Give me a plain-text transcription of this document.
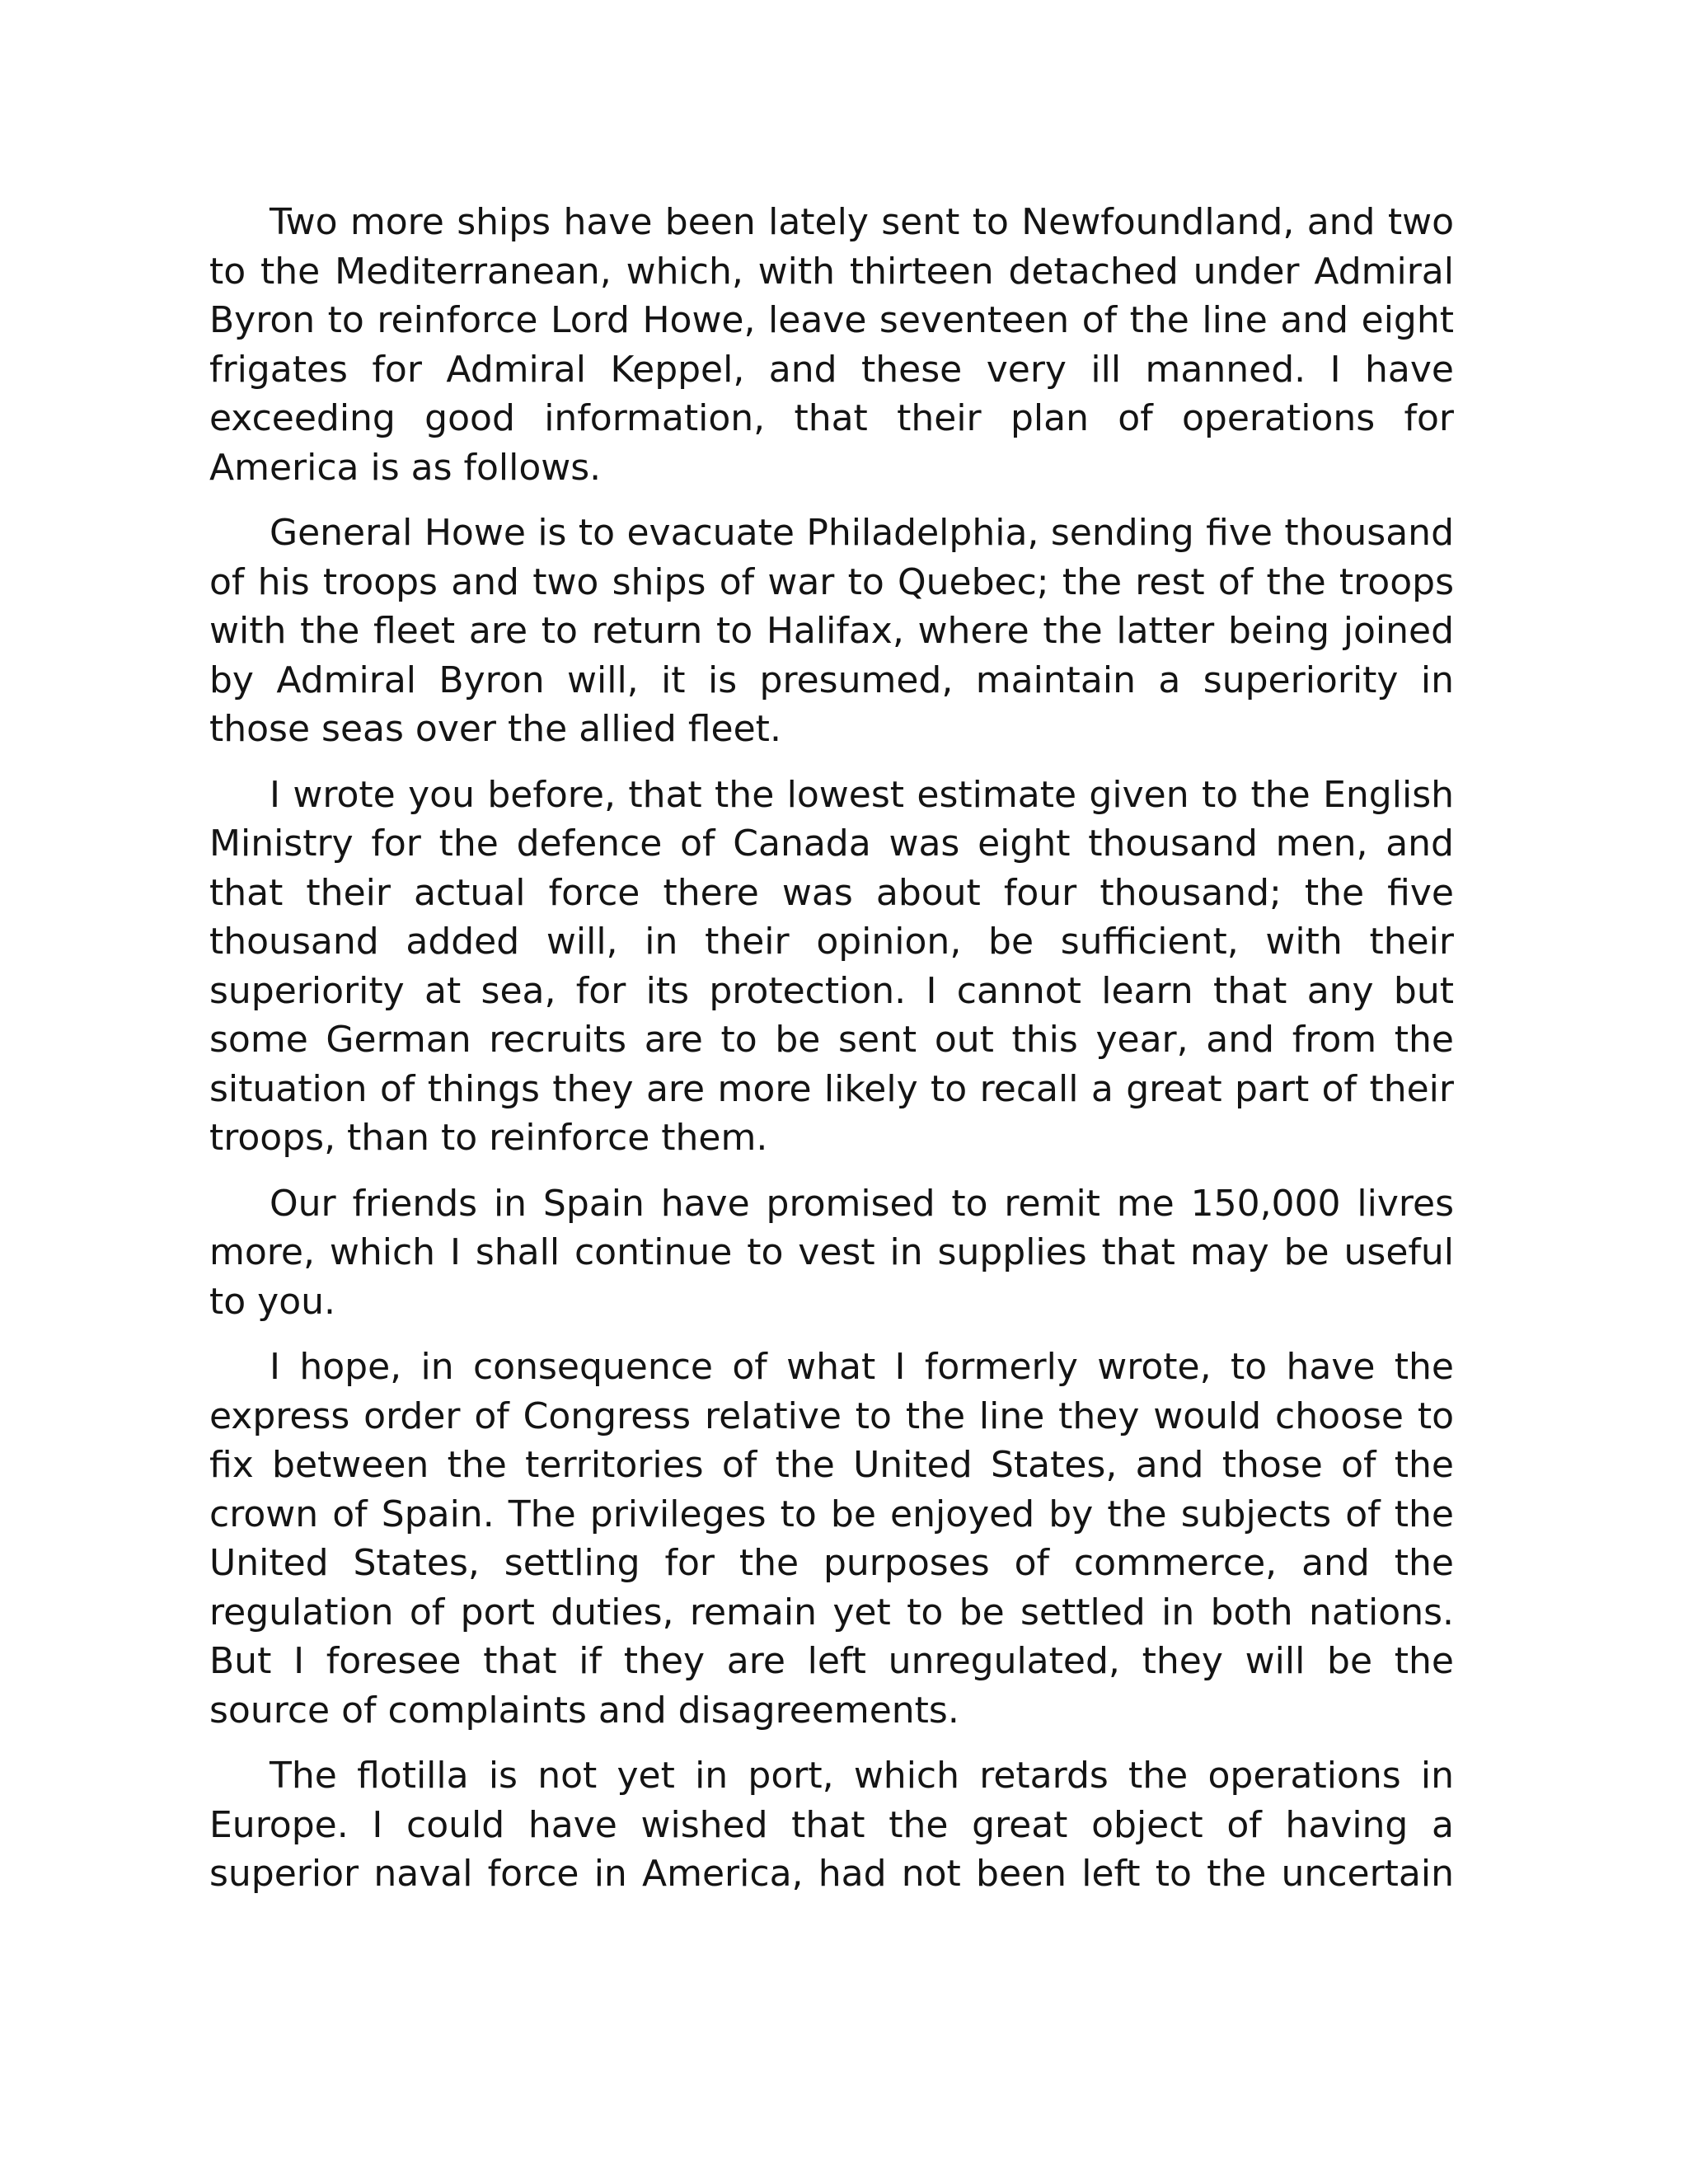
Two more ships have been lately sent to Newfoundland, and two to the Mediterranean, which, with thirteen detached under Admiral Byron to reinforce Lord Howe, leave seventeen of the line and eight frigates for Admiral Keppel, and these very ill manned. I have exceeding good information, that their plan of operations for America is as follows.

General Howe is to evacuate Philadelphia, sending five thousand of his troops and two ships of war to Quebec; the rest of the troops with the fleet are to return to Halifax, where the latter being joined by Admiral Byron will, it is presumed, maintain a superiority in those seas over the allied fleet.

I wrote you before, that the lowest estimate given to the English Ministry for the defence of Canada was eight thousand men, and that their actual force there was about four thousand; the five thousand added will, in their opinion, be sufficient, with their superiority at sea, for its protection. I cannot learn that any but some German recruits are to be sent out this year, and from the situation of things they are more likely to recall a great part of their troops, than to reinforce them.

Our friends in Spain have promised to remit me 150,000 livres more, which I shall continue to vest in supplies that may be useful to you.

I hope, in consequence of what I formerly wrote, to have the express order of Congress relative to the line they would choose to fix between the territories of the United States, and those of the crown of Spain. The privileges to be enjoyed by the subjects of the United States, settling for the purposes of commerce, and the regulation of port duties, remain yet to be settled in both nations. But I foresee that if they are left unregulated, they will be the source of complaints and disagreements.

The flotilla is not yet in port, which retards the operations in Europe. I could have wished that the great object of having a superior naval force in America, had not been left to the uncertain
